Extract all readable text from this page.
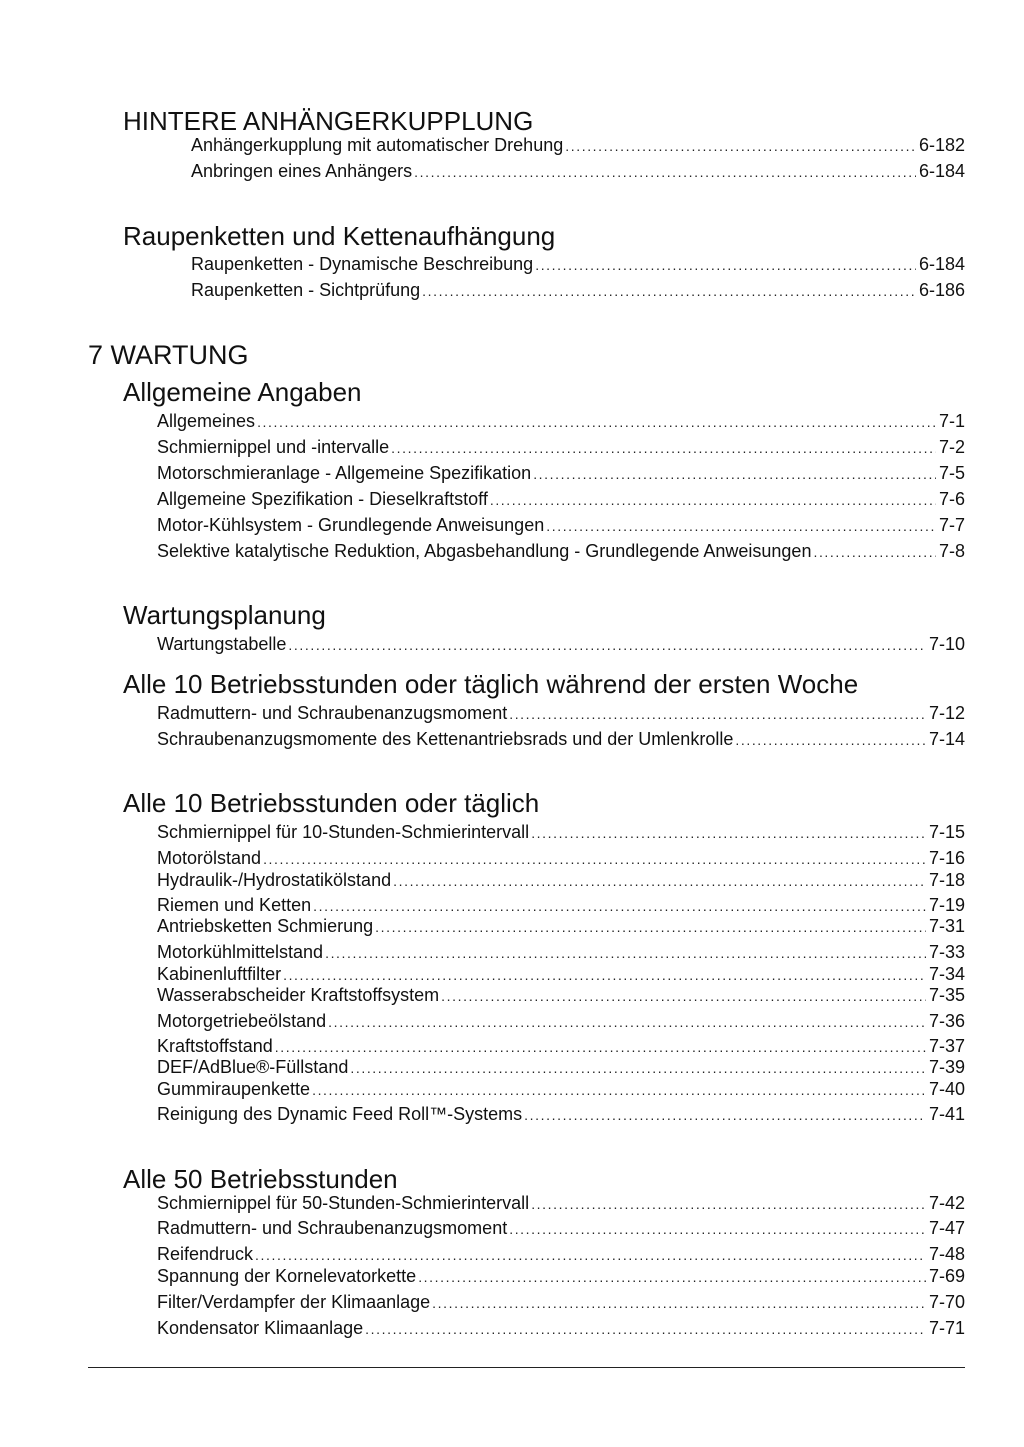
HINTERE ANHÄNGERKUPPLUNG
Anhängerkupplung mit automatischer Drehung .....	6-182
Anbringen eines Anhängers .....	6-184
Raupenketten und Kettenaufhängung
Raupenketten - Dynamische Beschreibung .....	6-184
Raupenketten - Sichtprüfung .....	6-186
7 WARTUNG
Allgemeine Angaben
Allgemeines .....	7-1
Schmiernippel und -intervalle .....	7-2
Motorschmieranlage - Allgemeine Spezifikation .....	7-5
Allgemeine Spezifikation - Dieselkraftstoff .....	7-6
Motor-Kühlsystem - Grundlegende Anweisungen .....	7-7
Selektive katalytische Reduktion, Abgasbehandlung - Grundlegende Anweisungen .....	7-8
Wartungsplanung
Wartungstabelle .....	7-10
Alle 10 Betriebsstunden oder täglich während der ersten Woche
Radmuttern- und Schraubenanzugsmoment .....	7-12
Schraubenanzugsmomente des Kettenantriebsrads und der Umlenkrolle .....	7-14
Alle 10 Betriebsstunden oder täglich
Schmiernippel für 10-Stunden-Schmierintervall .....	7-15
Motorölstand .....	7-16
Hydraulik-/Hydrostatikölstand .....	7-18
Riemen und Ketten .....	7-19
Antriebsketten Schmierung .....	7-31
Motorkühlmittelstand .....	7-33
Kabinenluftfilter .....	7-34
Wasserabscheider Kraftstoffsystem .....	7-35
Motorgetriebeölstand .....	7-36
Kraftstoffstand .....	7-37
DEF/AdBlue®-Füllstand .....	7-39
Gummiraupenkette .....	7-40
Reinigung des Dynamic Feed Roll™-Systems .....	7-41
Alle 50 Betriebsstunden
Schmiernippel für 50-Stunden-Schmierintervall .....	7-42
Radmuttern- und Schraubenanzugsmoment .....	7-47
Reifendruck .....	7-48
Spannung der Kornelevatorkette .....	7-69
Filter/Verdampfer der Klimaanlage .....	7-70
Kondensator Klimaanlage .....	7-71
